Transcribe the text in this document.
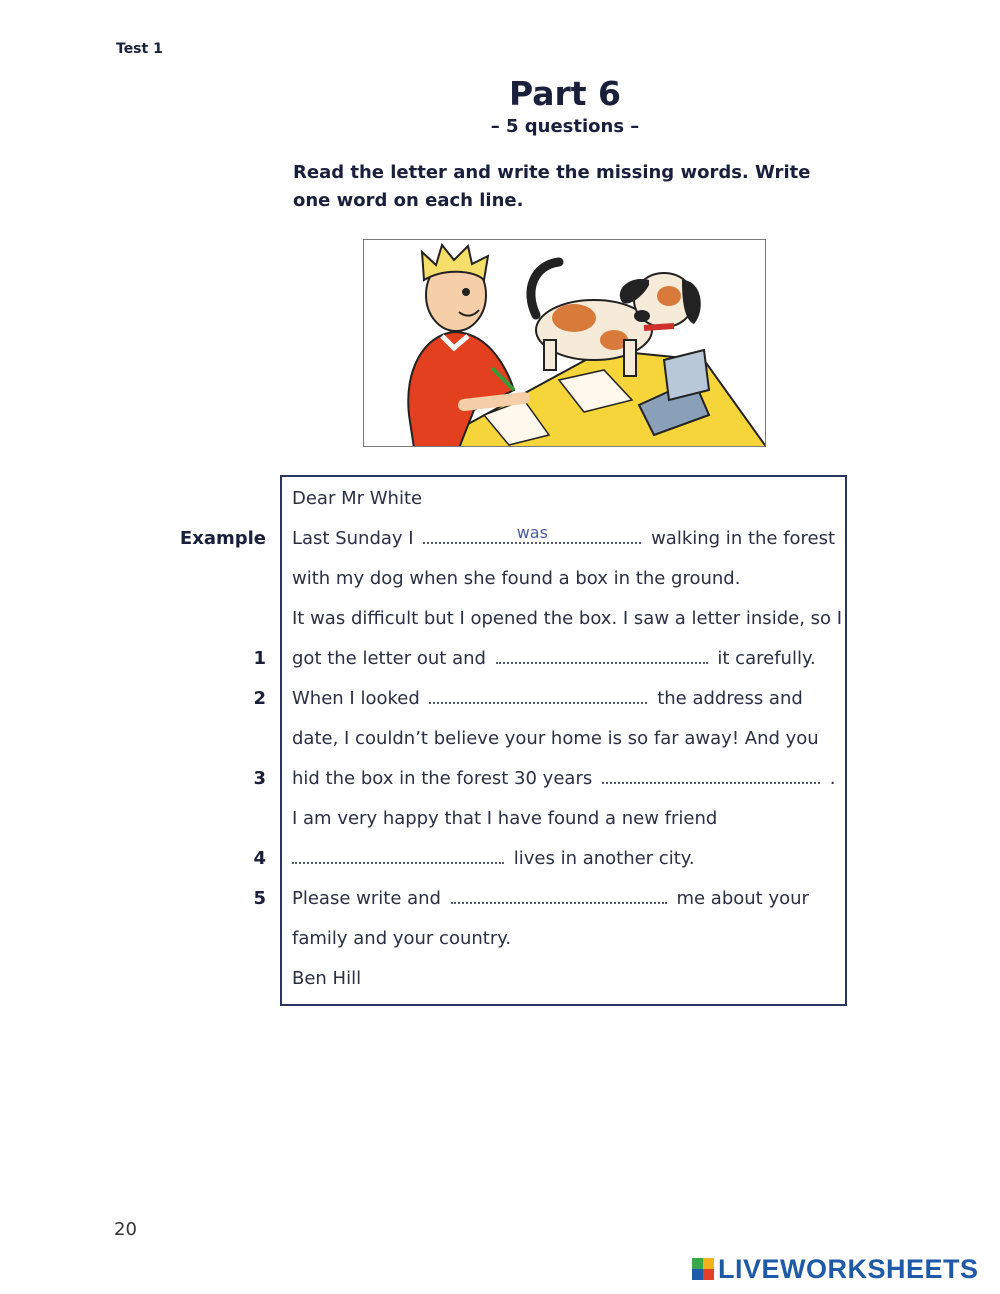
Test 1
Part 6
– 5 questions –
Read the letter and write the missing words. Write one word on each line.
Dear Mr White
Example Last Sunday I	was	walking in the forest
with my dog when she found a box in the ground.
It was difficult but I opened the box. I saw a letter inside, so I
1 got the letter out and	it carefully.
2 When I looked	the address and
date, I couldn’t believe your home is so far away! And you
3 hid the box in the forest 30 years	.
I am very happy that I have found a new friend
4	lives in another city.
5 Please write and	me about your
family and your country.
Ben Hill
20
LIVEWORKSHEETS
